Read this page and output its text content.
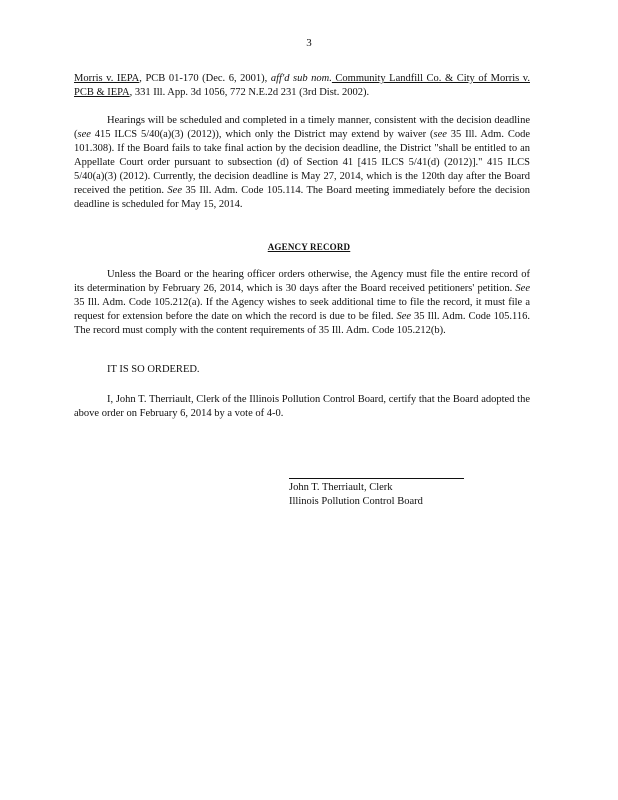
3
Morris v. IEPA, PCB 01-170 (Dec. 6, 2001), aff'd sub nom. Community Landfill Co. & City of Morris v. PCB & IEPA, 331 Ill. App. 3d 1056, 772 N.E.2d 231 (3rd Dist. 2002).
Hearings will be scheduled and completed in a timely manner, consistent with the decision deadline (see 415 ILCS 5/40(a)(3) (2012)), which only the District may extend by waiver (see 35 Ill. Adm. Code 101.308). If the Board fails to take final action by the decision deadline, the District "shall be entitled to an Appellate Court order pursuant to subsection (d) of Section 41 [415 ILCS 5/41(d) (2012)]." 415 ILCS 5/40(a)(3) (2012). Currently, the decision deadline is May 27, 2014, which is the 120th day after the Board received the petition. See 35 Ill. Adm. Code 105.114. The Board meeting immediately before the decision deadline is scheduled for May 15, 2014.
AGENCY RECORD
Unless the Board or the hearing officer orders otherwise, the Agency must file the entire record of its determination by February 26, 2014, which is 30 days after the Board received petitioners' petition. See 35 Ill. Adm. Code 105.212(a). If the Agency wishes to seek additional time to file the record, it must file a request for extension before the date on which the record is due to be filed. See 35 Ill. Adm. Code 105.116. The record must comply with the content requirements of 35 Ill. Adm. Code 105.212(b).
IT IS SO ORDERED.
I, John T. Therriault, Clerk of the Illinois Pollution Control Board, certify that the Board adopted the above order on February 6, 2014 by a vote of 4-0.
John T. Therriault, Clerk
Illinois Pollution Control Board
